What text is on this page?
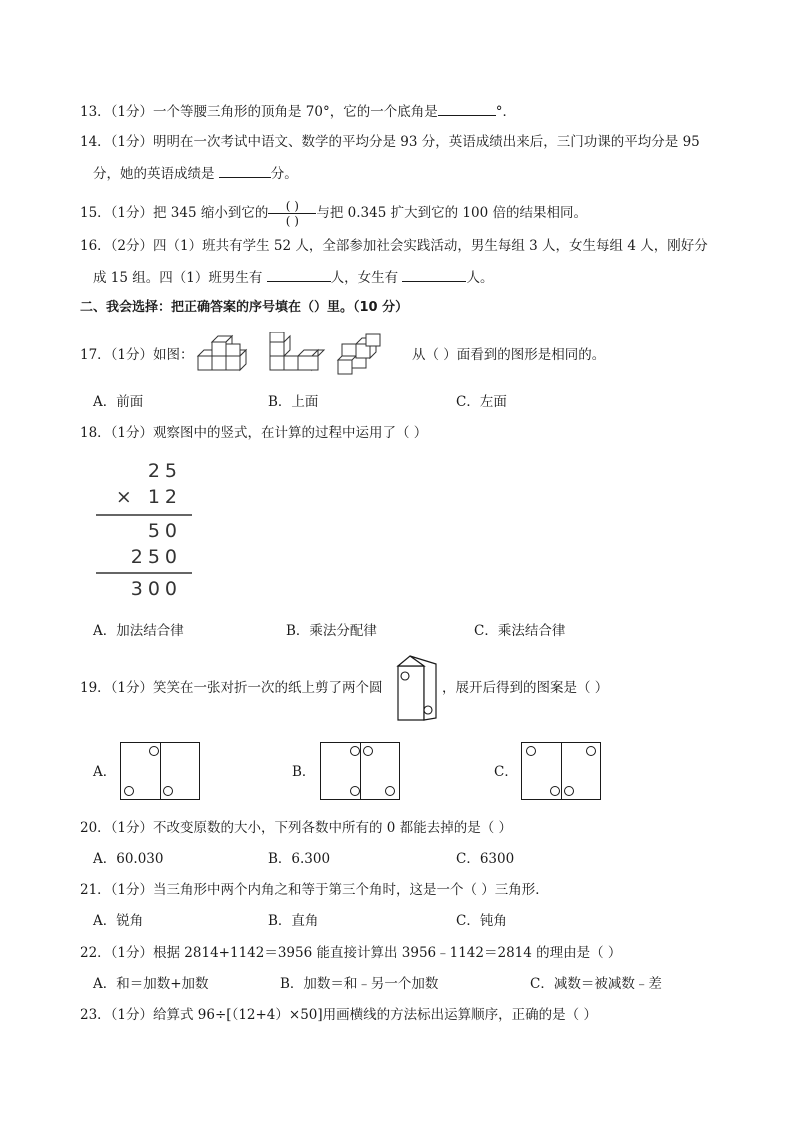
13．（1分）一个等腰三角形的顶角是 70°，它的一个底角是	°．
14．（1分）明明在一次考试中语文、数学的平均分是 93 分，英语成绩出来后，三门功课的平均分是 95
分，她的英语成绩是	分。
15．（1分）把 345 缩小到它的 $\frac{( )}{( )}$ 与把 0.345 扩大到它的 100 倍的结果相同。
16．（2分）四（1）班共有学生 52 人，全部参加社会实践活动，男生每组 3 人，女生每组 4 人，刚好分
成 15 组。四（1）班男生有	人，女生有	人。
二、我会选择：把正确答案的序号填在（）里。（10 分）
17．（1分）如图：	从（ ）面看到的图形是相同的。
A．前面	B．上面	C．左面
18．（1分）观察图中的竖式，在计算的过程中运用了（ ）
25
× 12
50
250
300
A．加法结合律	B．乘法分配律	C．乘法结合律
19．（1分）笑笑在一张对折一次的纸上剪了两个圆	，展开后得到的图案是（ ）
A．	B．	C．
20．（1分）不改变原数的大小，下列各数中所有的 0 都能去掉的是（ ）
A．60.030	B．6.300	C．6300
21．（1分）当三角形中两个内角之和等于第三个角时，这是一个（ ）三角形．
A．锐角	B．直角	C．钝角
22．（1分）根据 2814+1142＝3956 能直接计算出 3956﹣1142＝2814 的理由是（ ）
A．和＝加数+加数	B．加数＝和﹣另一个加数	C．减数＝被减数﹣差
23．（1分）给算式 96÷[（12+4）×50]用画横线的方法标出运算顺序，正确的是（ ）
